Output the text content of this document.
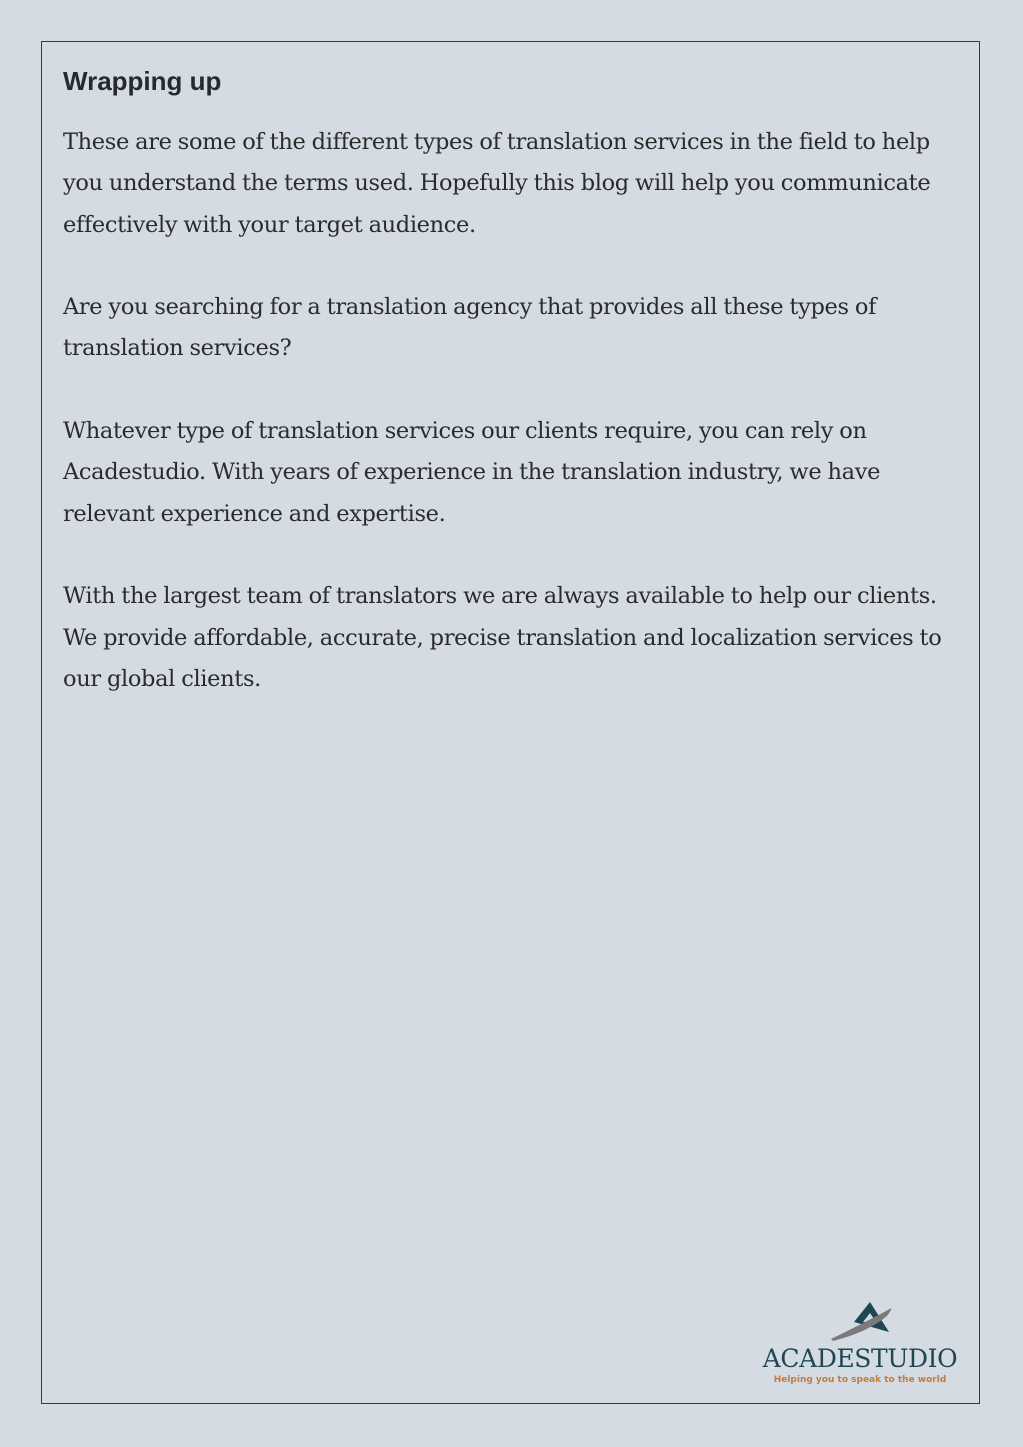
Wrapping up

These are some of the different types of translation services in the field to help you understand the terms used. Hopefully this blog will help you communicate effectively with your target audience.

Are you searching for a translation agency that provides all these types of translation services?

Whatever type of translation services our clients require, you can rely on Acadestudio. With years of experience in the translation industry, we have relevant experience and expertise.

With the largest team of translators we are always available to help our clients. We provide affordable, accurate, precise translation and localization services to our global clients.

ACADESTUDIO
Helping you to speak to the world
